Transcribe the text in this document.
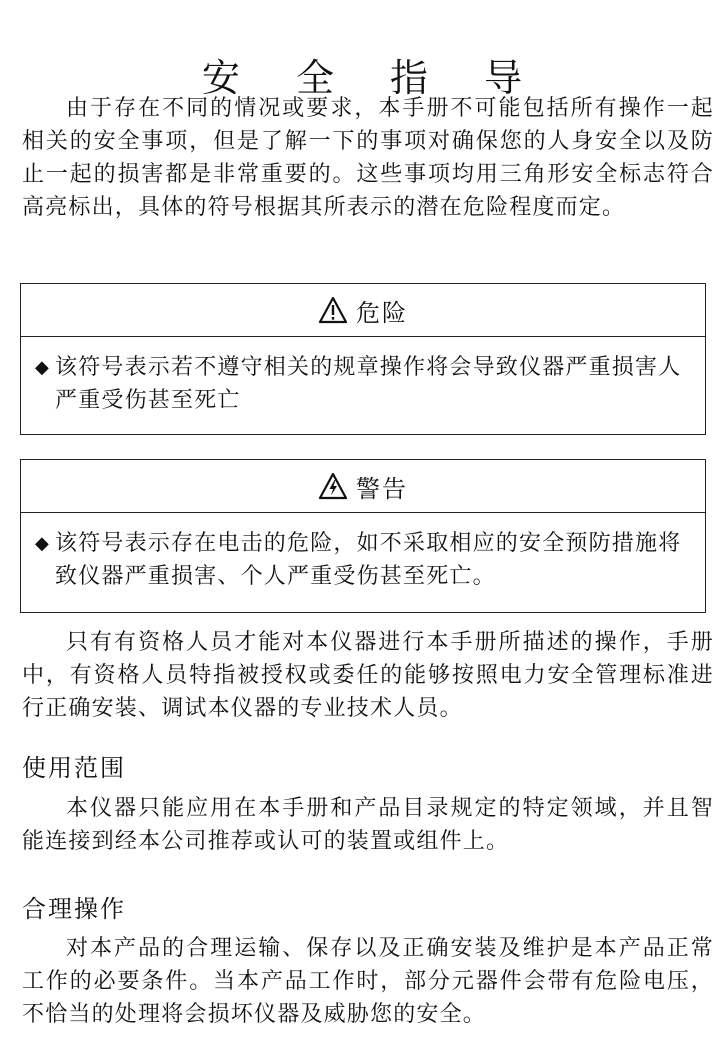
安 全 指 导

由于存在不同的情况或要求，本手册不可能包括所有操作一起相关的安全事项，但是了解一下的事项对确保您的人身安全以及防止一起的损害都是非常重要的。这些事项均用三角形安全标志符合高亮标出，具体的符号根据其所表示的潜在危险程度而定。

危险
◆ 该符号表示若不遵守相关的规章操作将会导致仪器严重损害人严重受伤甚至死亡
警告
◆ 该符号表示存在电击的危险，如不采取相应的安全预防措施将致仪器严重损害、个人严重受伤甚至死亡。

只有有资格人员才能对本仪器进行本手册所描述的操作，手册中，有资格人员特指被授权或委任的能够按照电力安全管理标准进行正确安装、调试本仪器的专业技术人员。

使用范围

本仪器只能应用在本手册和产品目录规定的特定领域，并且智能连接到经本公司推荐或认可的装置或组件上。

合理操作

对本产品的合理运输、保存以及正确安装及维护是本产品正常工作的必要条件。当本产品工作时，部分元器件会带有危险电压，不恰当的处理将会损坏仪器及威胁您的安全。
